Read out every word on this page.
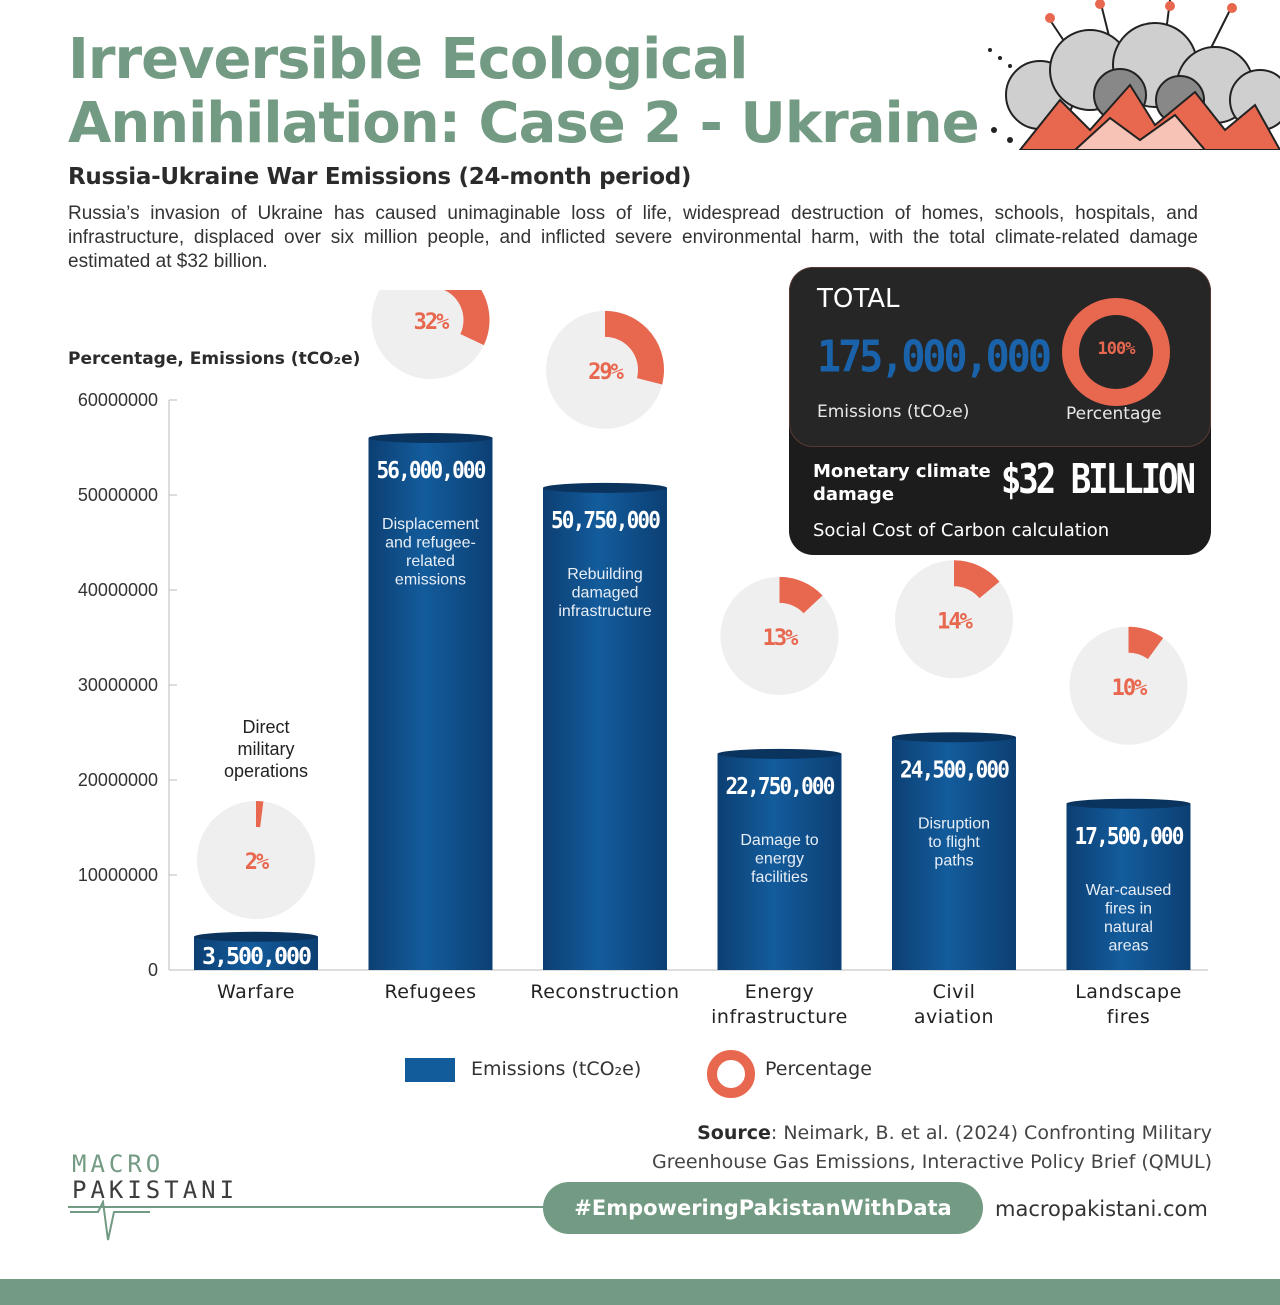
Irreversible Ecological Annihilation: Case 2 - Ukraine
Russia-Ukraine War Emissions (24-month period)
Russia’s invasion of Ukraine has caused unimaginable loss of life, widespread destruction of homes, schools, hospitals, and infrastructure, displaced over six million people, and inflicted severe environmental harm, with the total climate-related damage estimated at $32 billion.
Percentage, Emissions (tCO₂e)
60000000
50000000
40000000
30000000
20000000
10000000
0
3,500,000
Direct
military
operations
Warfare
2%
56,000,000
Displacement
and refugee-
related
emissions
Refugees
32%
50,750,000
Rebuilding
damaged
infrastructure
Reconstruction
29%
22,750,000
Damage to
energy
facilities
Energy
infrastructure
13%
24,500,000
Disruption
to flight
paths
Civil
aviation
14%
17,500,000
War-caused
fires in
natural
areas
Landscape
fires
10%
TOTAL
175,000,000
Emissions (tCO₂e)
100%
Percentage
Monetary climate damage	$32 BILLION
Social Cost of Carbon calculation
Emissions (tCO₂e)	Percentage
Source: Neimark, B. et al. (2024) Confronting Military Greenhouse Gas Emissions, Interactive Policy Brief (QMUL)
MACRO
PAKISTANI
#EmpoweringPakistanWithData	macropakistani.com
